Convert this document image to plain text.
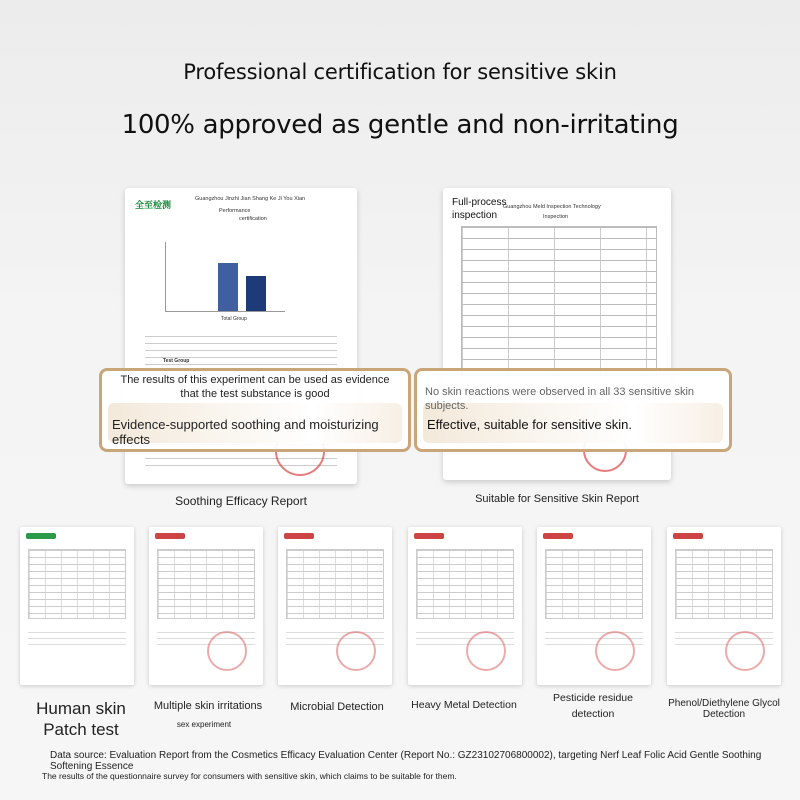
Professional certification for sensitive skin
100% approved as gentle and non-irritating
全至检测
Guangzhou Jinzhi Jian Shang Ke Ji You Xian
Performance
certification
Total Group
Test Group
Guangzhou Meld Inspection Technology
Inspection
Full-process inspection
The results of this experiment can be used as evidence that the test substance is good
Evidence-supported soothing and moisturizing effects
No skin reactions were observed in all 33 sensitive skin subjects.
Effective, suitable for sensitive skin.
Soothing Efficacy Report	Suitable for Sensitive Skin Report
Human skin Patch test
Multiple skin irritations
sex experiment
Microbial Detection	Heavy Metal Detection
Pesticide residue detection
Phenol/Diethylene Glycol Detection
Data source: Evaluation Report from the Cosmetics Efficacy Evaluation Center (Report No.: GZ23102706800002), targeting Nerf Leaf Folic Acid Gentle Soothing Softening Essence
The results of the questionnaire survey for consumers with sensitive skin, which claims to be suitable for them.
